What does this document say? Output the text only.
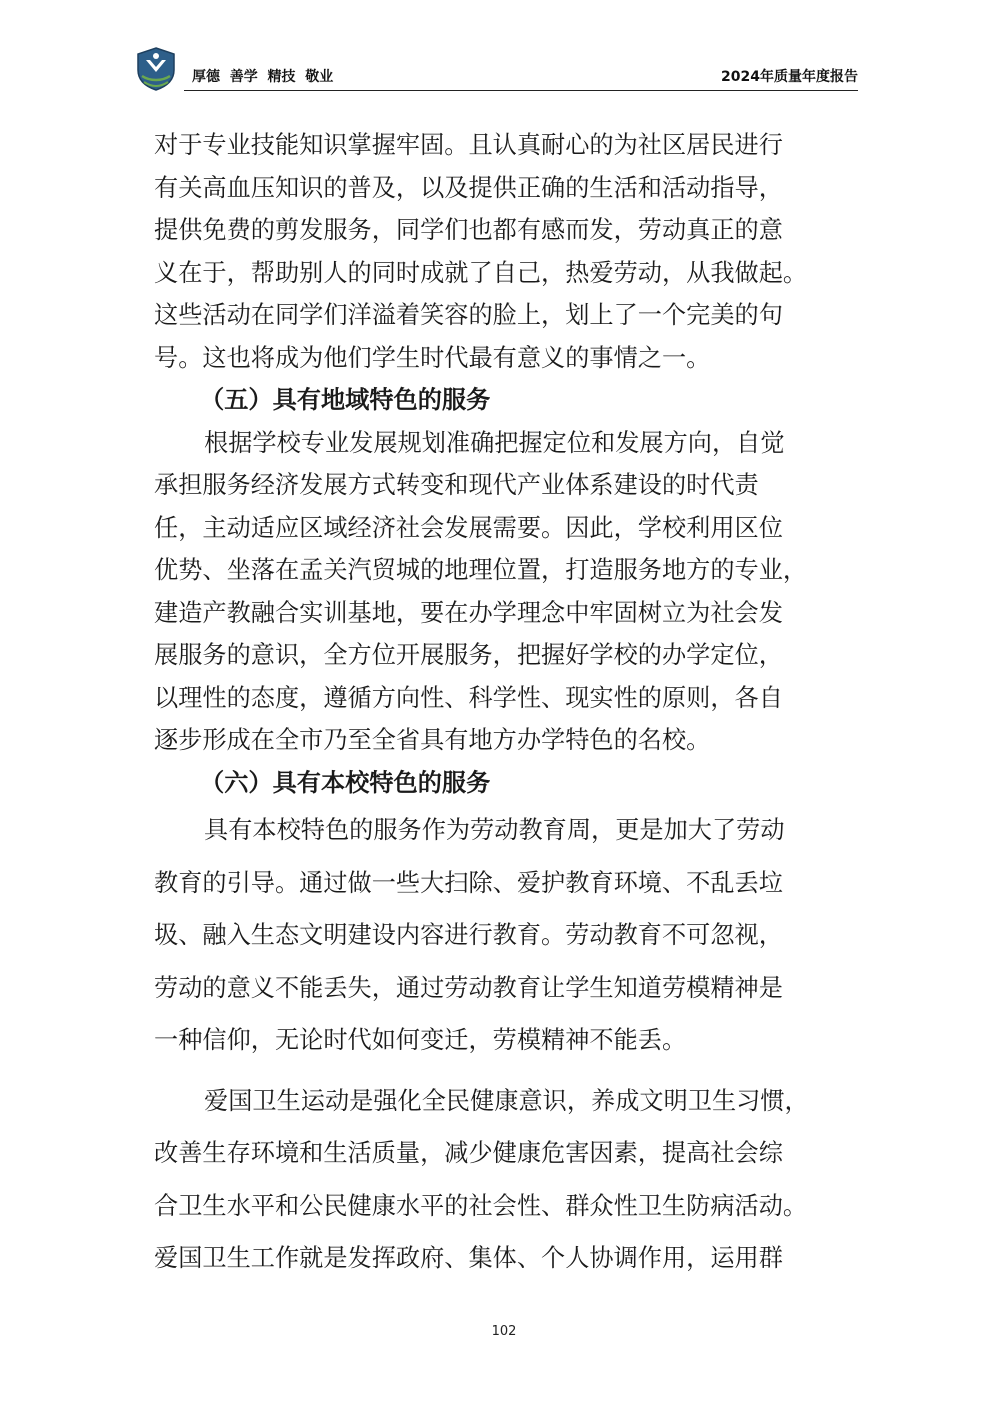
厚德  善学  精技  敬业	2024年质量年度报告
对于专业技能知识掌握牢固。且认真耐心的为社区居民进行
有关高血压知识的普及，以及提供正确的生活和活动指导，
提供免费的剪发服务，同学们也都有感而发，劳动真正的意
义在于，帮助别人的同时成就了自己，热爱劳动，从我做起。
这些活动在同学们洋溢着笑容的脸上，划上了一个完美的句
号。这也将成为他们学生时代最有意义的事情之一。
（五）具有地域特色的服务
根据学校专业发展规划准确把握定位和发展方向，自觉
承担服务经济发展方式转变和现代产业体系建设的时代责
任，主动适应区域经济社会发展需要。因此，学校利用区位
优势、坐落在孟关汽贸城的地理位置，打造服务地方的专业，
建造产教融合实训基地，要在办学理念中牢固树立为社会发
展服务的意识，全方位开展服务，把握好学校的办学定位，
以理性的态度，遵循方向性、科学性、现实性的原则，各自
逐步形成在全市乃至全省具有地方办学特色的名校。
（六）具有本校特色的服务
具有本校特色的服务作为劳动教育周，更是加大了劳动
教育的引导。通过做一些大扫除、爱护教育环境、不乱丢垃
圾、融入生态文明建设内容进行教育。劳动教育不可忽视，
劳动的意义不能丢失，通过劳动教育让学生知道劳模精神是
一种信仰，无论时代如何变迁，劳模精神不能丢。
爱国卫生运动是强化全民健康意识，养成文明卫生习惯，
改善生存环境和生活质量，减少健康危害因素，提高社会综
合卫生水平和公民健康水平的社会性、群众性卫生防病活动。
爱国卫生工作就是发挥政府、集体、个人协调作用，运用群
102
